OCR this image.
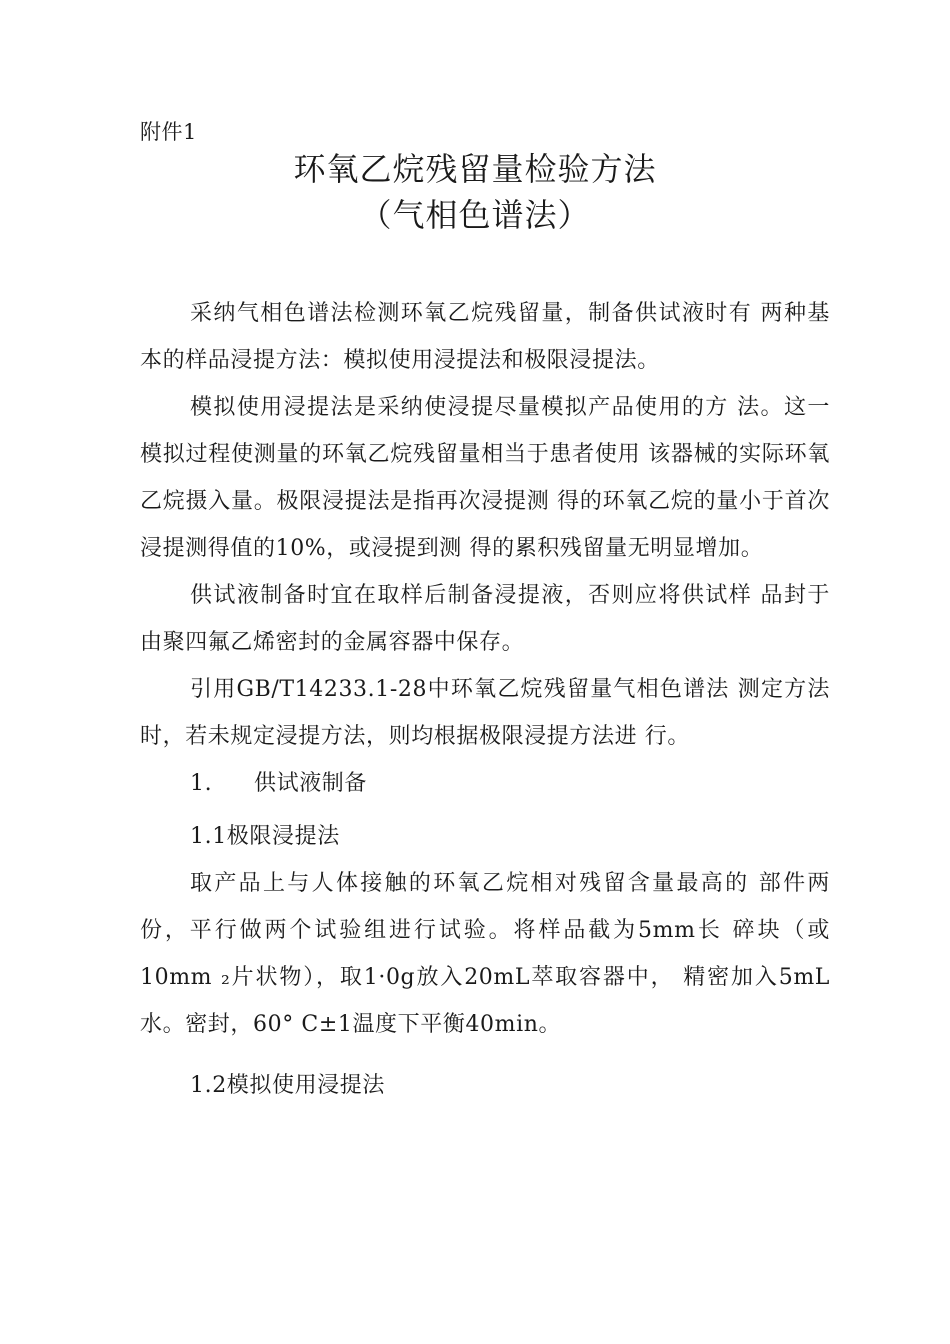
附件1
环氧乙烷残留量检验方法
（气相色谱法）

采纳气相色谱法检测环氧乙烷残留量，制备供试液时有 两种基本的样品浸提方法：模拟使用浸提法和极限浸提法。

模拟使用浸提法是采纳使浸提尽量模拟产品使用的方 法。这一模拟过程使测量的环氧乙烷残留量相当于患者使用 该器械的实际环氧乙烷摄入量。极限浸提法是指再次浸提测 得的环氧乙烷的量小于首次浸提测得值的10%，或浸提到测 得的累积残留量无明显增加。

供试液制备时宜在取样后制备浸提液，否则应将供试样 品封于由聚四氟乙烯密封的金属容器中保存。

引用GB/T14233.1-28中环氧乙烷残留量气相色谱法 测定方法时，若未规定浸提方法，则均根据极限浸提方法进 行。

1. 供试液制备

1.1极限浸提法

取产品上与人体接触的环氧乙烷相对残留含量最高的 部件两份，平行做两个试验组进行试验。将样品截为5mm长 碎块（或10mm ₂片状物），取1·0g放入20mL萃取容器中， 精密加入5mL水。密封，60° C±1温度下平衡40min。

1.2模拟使用浸提法
